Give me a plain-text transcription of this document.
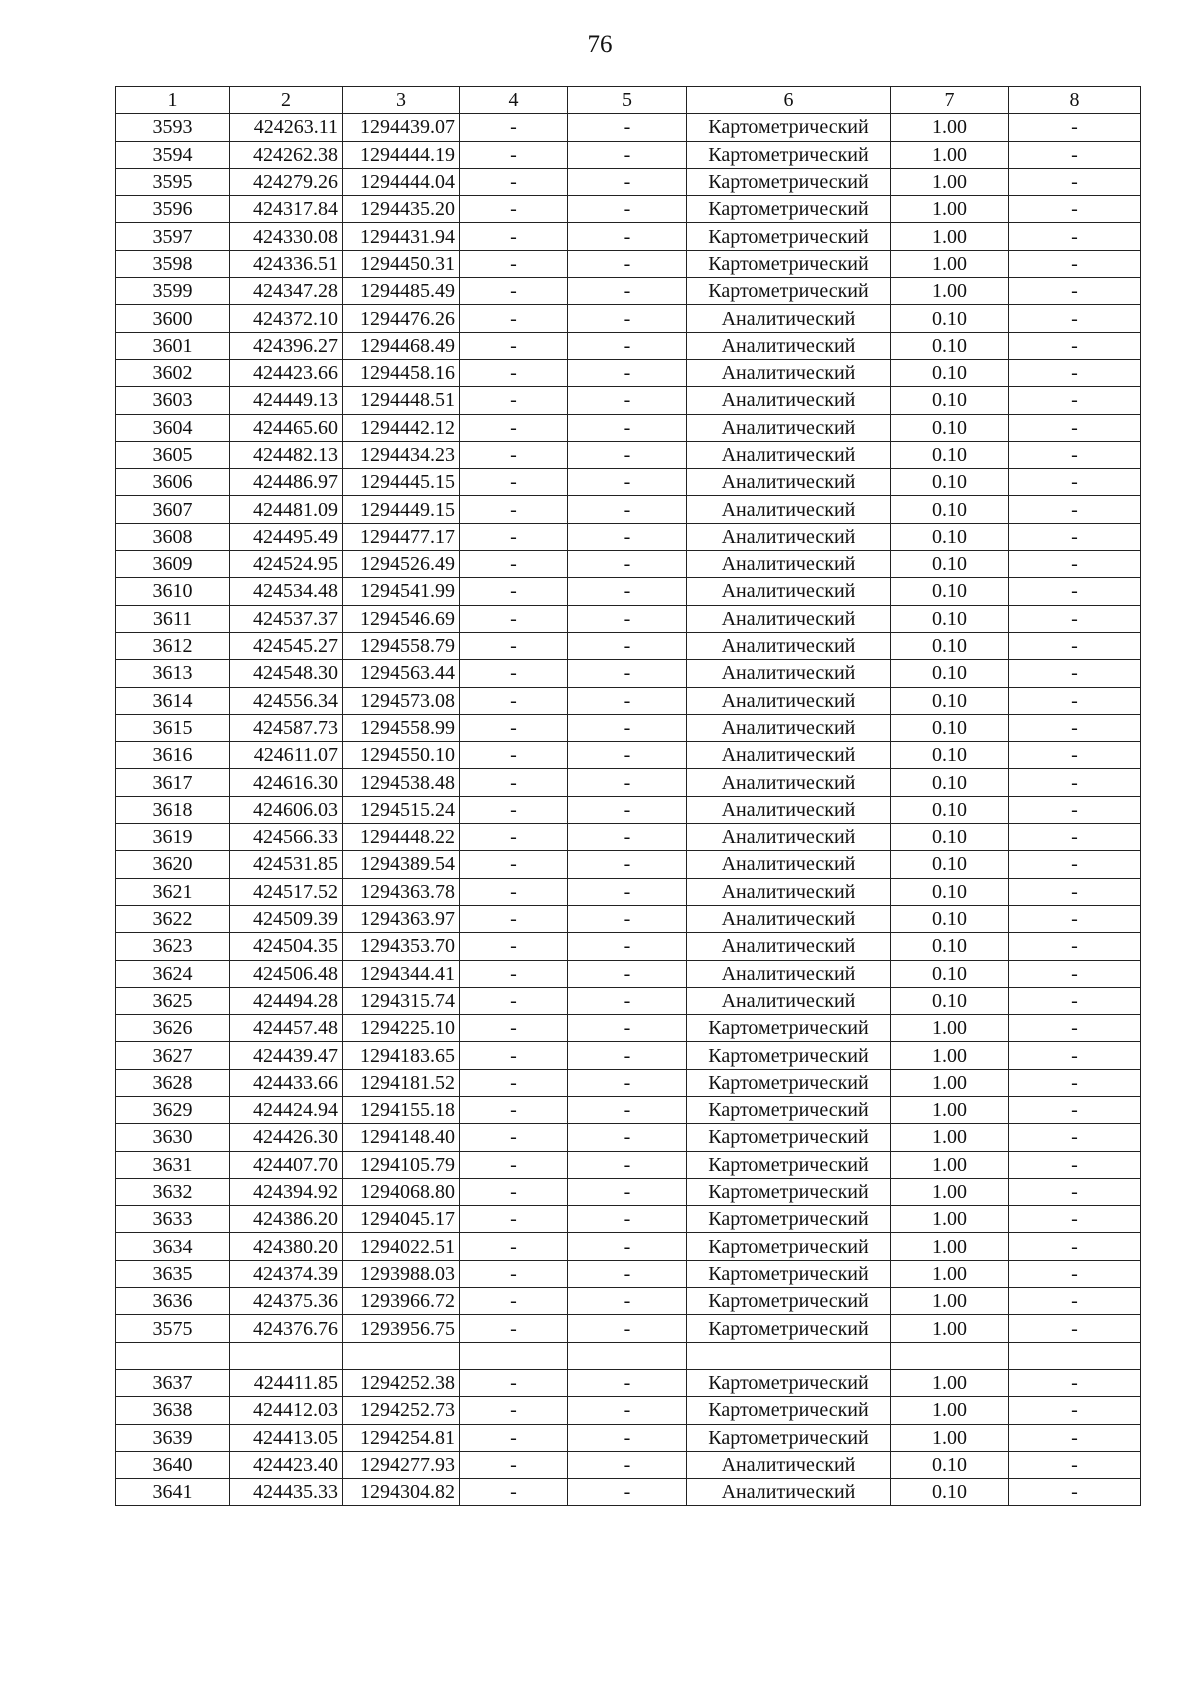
76
1	2	3	4	5	6	7	8
3593	424263.11	1294439.07	-	-	Картометрический	1.00	-
3594	424262.38	1294444.19	-	-	Картометрический	1.00	-
3595	424279.26	1294444.04	-	-	Картометрический	1.00	-
3596	424317.84	1294435.20	-	-	Картометрический	1.00	-
3597	424330.08	1294431.94	-	-	Картометрический	1.00	-
3598	424336.51	1294450.31	-	-	Картометрический	1.00	-
3599	424347.28	1294485.49	-	-	Картометрический	1.00	-
3600	424372.10	1294476.26	-	-	Аналитический	0.10	-
3601	424396.27	1294468.49	-	-	Аналитический	0.10	-
3602	424423.66	1294458.16	-	-	Аналитический	0.10	-
3603	424449.13	1294448.51	-	-	Аналитический	0.10	-
3604	424465.60	1294442.12	-	-	Аналитический	0.10	-
3605	424482.13	1294434.23	-	-	Аналитический	0.10	-
3606	424486.97	1294445.15	-	-	Аналитический	0.10	-
3607	424481.09	1294449.15	-	-	Аналитический	0.10	-
3608	424495.49	1294477.17	-	-	Аналитический	0.10	-
3609	424524.95	1294526.49	-	-	Аналитический	0.10	-
3610	424534.48	1294541.99	-	-	Аналитический	0.10	-
3611	424537.37	1294546.69	-	-	Аналитический	0.10	-
3612	424545.27	1294558.79	-	-	Аналитический	0.10	-
3613	424548.30	1294563.44	-	-	Аналитический	0.10	-
3614	424556.34	1294573.08	-	-	Аналитический	0.10	-
3615	424587.73	1294558.99	-	-	Аналитический	0.10	-
3616	424611.07	1294550.10	-	-	Аналитический	0.10	-
3617	424616.30	1294538.48	-	-	Аналитический	0.10	-
3618	424606.03	1294515.24	-	-	Аналитический	0.10	-
3619	424566.33	1294448.22	-	-	Аналитический	0.10	-
3620	424531.85	1294389.54	-	-	Аналитический	0.10	-
3621	424517.52	1294363.78	-	-	Аналитический	0.10	-
3622	424509.39	1294363.97	-	-	Аналитический	0.10	-
3623	424504.35	1294353.70	-	-	Аналитический	0.10	-
3624	424506.48	1294344.41	-	-	Аналитический	0.10	-
3625	424494.28	1294315.74	-	-	Аналитический	0.10	-
3626	424457.48	1294225.10	-	-	Картометрический	1.00	-
3627	424439.47	1294183.65	-	-	Картометрический	1.00	-
3628	424433.66	1294181.52	-	-	Картометрический	1.00	-
3629	424424.94	1294155.18	-	-	Картометрический	1.00	-
3630	424426.30	1294148.40	-	-	Картометрический	1.00	-
3631	424407.70	1294105.79	-	-	Картометрический	1.00	-
3632	424394.92	1294068.80	-	-	Картометрический	1.00	-
3633	424386.20	1294045.17	-	-	Картометрический	1.00	-
3634	424380.20	1294022.51	-	-	Картометрический	1.00	-
3635	424374.39	1293988.03	-	-	Картометрический	1.00	-
3636	424375.36	1293966.72	-	-	Картометрический	1.00	-
3575	424376.76	1293956.75	-	-	Картометрический	1.00	-

3637	424411.85	1294252.38	-	-	Картометрический	1.00	-
3638	424412.03	1294252.73	-	-	Картометрический	1.00	-
3639	424413.05	1294254.81	-	-	Картометрический	1.00	-
3640	424423.40	1294277.93	-	-	Аналитический	0.10	-
3641	424435.33	1294304.82	-	-	Аналитический	0.10	-
